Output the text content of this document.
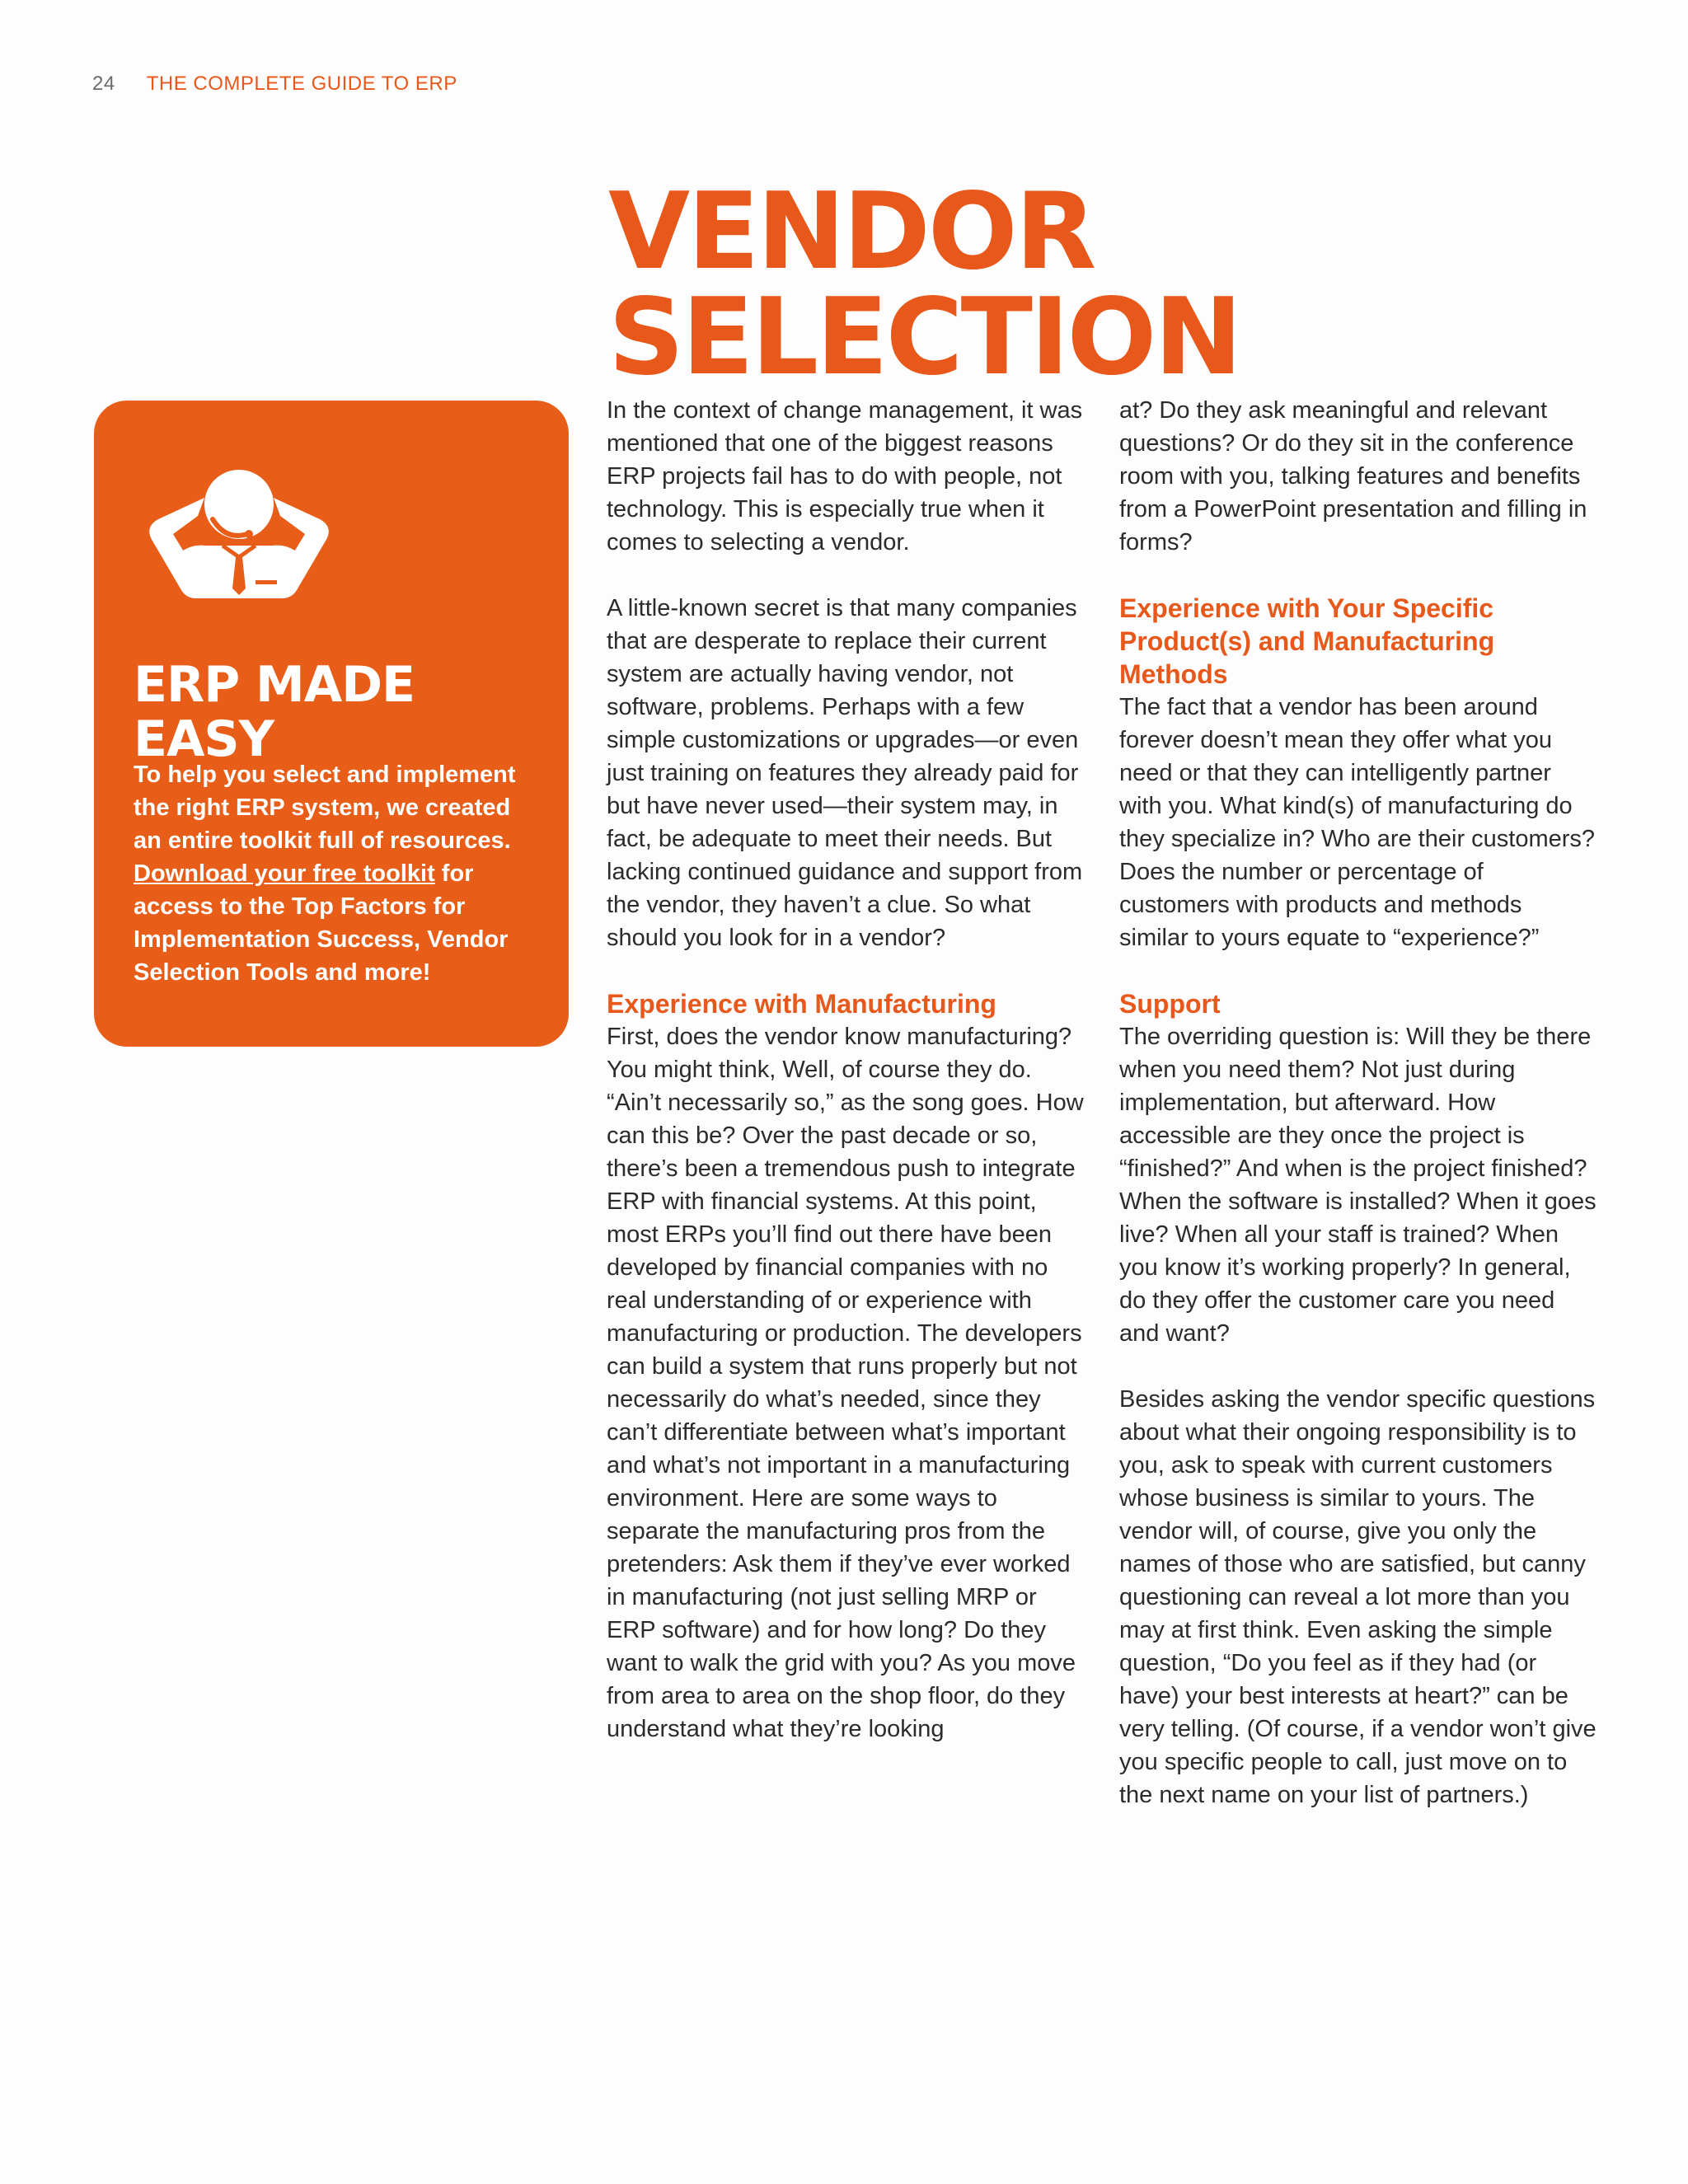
24 THE COMPLETE GUIDE TO ERP
VENDOR SELECTION
ERP MADE EASY

To help you select and implement the right ERP system, we created an entire toolkit full of resources. Download your free toolkit for access to the Top Factors for Implementation Success, Vendor Selection Tools and more!

In the context of change management, it was mentioned that one of the biggest reasons ERP projects fail has to do with people, not technology. This is especially true when it comes to selecting a vendor.

A little-known secret is that many companies that are desperate to replace their current system are actually having vendor, not software, problems. Perhaps with a few simple customizations or upgrades—or even just training on features they already paid for but have never used—their system may, in fact, be adequate to meet their needs. But lacking continued guidance and support from the vendor, they haven’t a clue. So what should you look for in a vendor?

Experience with Manufacturing

First, does the vendor know manufacturing? You might think, Well, of course they do. “Ain’t necessarily so,” as the song goes. How can this be? Over the past decade or so, there’s been a tremendous push to integrate ERP with financial systems. At this point, most ERPs you’ll find out there have been developed by financial companies with no real understanding of or experience with manufacturing or production. The developers can build a system that runs properly but not necessarily do what’s needed, since they can’t differentiate between what’s important and what’s not important in a manufacturing environment. Here are some ways to separate the manufacturing pros from the pretenders: Ask them if they’ve ever worked in manufacturing (not just selling MRP or ERP software) and for how long? Do they want to walk the grid with you? As you move from area to area on the shop floor, do they understand what they’re looking

at? Do they ask meaningful and relevant questions? Or do they sit in the conference room with you, talking features and benefits from a PowerPoint presentation and filling in forms?

Experience with Your Specific Product(s) and Manufacturing Methods

The fact that a vendor has been around forever doesn’t mean they offer what you need or that they can intelligently partner with you. What kind(s) of manufacturing do they specialize in? Who are their customers? Does the number or percentage of customers with products and methods similar to yours equate to “experience?”

Support

The overriding question is: Will they be there when you need them? Not just during implementation, but afterward. How accessible are they once the project is “finished?” And when is the project finished? When the software is installed? When it goes live? When all your staff is trained? When you know it’s working properly? In general, do they offer the customer care you need and want?

Besides asking the vendor specific questions about what their ongoing responsibility is to you, ask to speak with current customers whose business is similar to yours. The vendor will, of course, give you only the names of those who are satisfied, but canny questioning can reveal a lot more than you may at first think. Even asking the simple question, “Do you feel as if they had (or have) your best interests at heart?” can be very telling. (Of course, if a vendor won’t give you specific people to call, just move on to the next name on your list of partners.)
